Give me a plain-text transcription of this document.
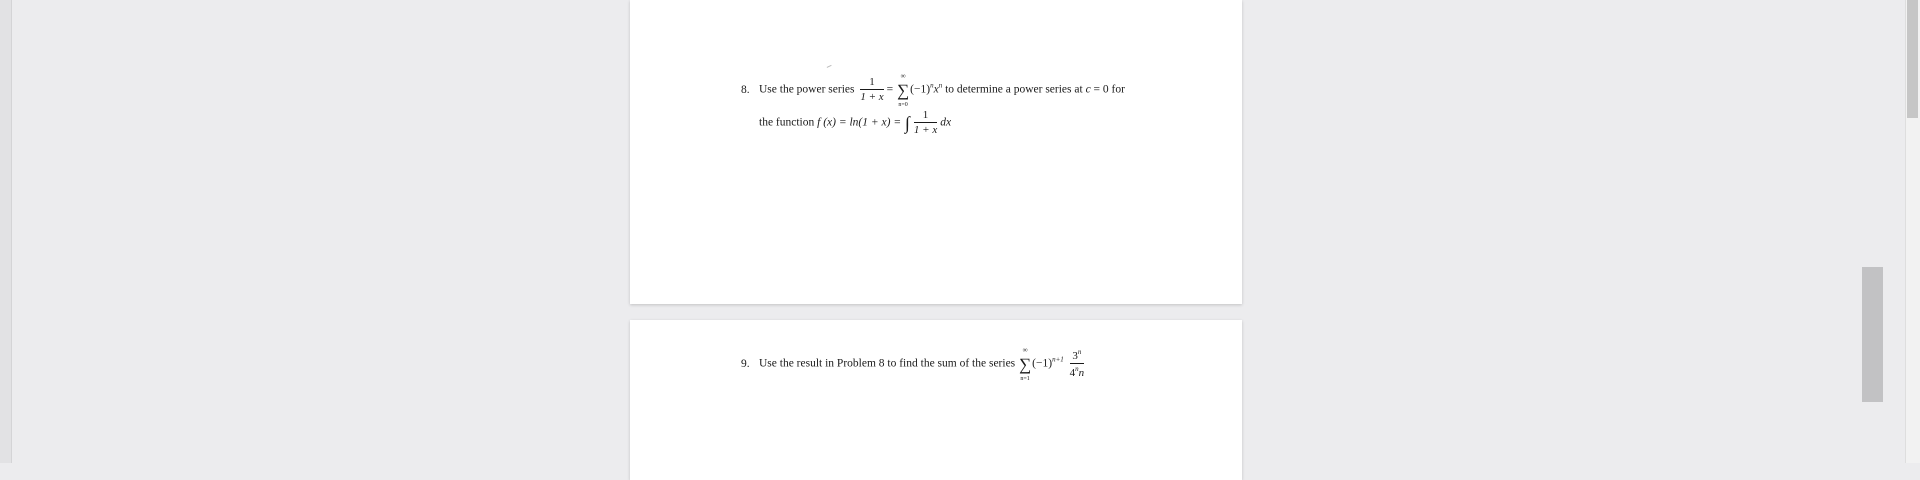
8. Use the power series $\frac{1}{1 + x}$ = ∑
∞
n=0
$(-1)^nx^n$ to determine a power series at c = 0 for
the function f (x) = ln(1 + x) = ∫ $\frac{1}{1 + x}$ dx
9. Use the result in Problem 8 to find the sum of the series ∑
∞
n=1
$(-1)^{n+1} \frac{3^n}{4^nn}$
